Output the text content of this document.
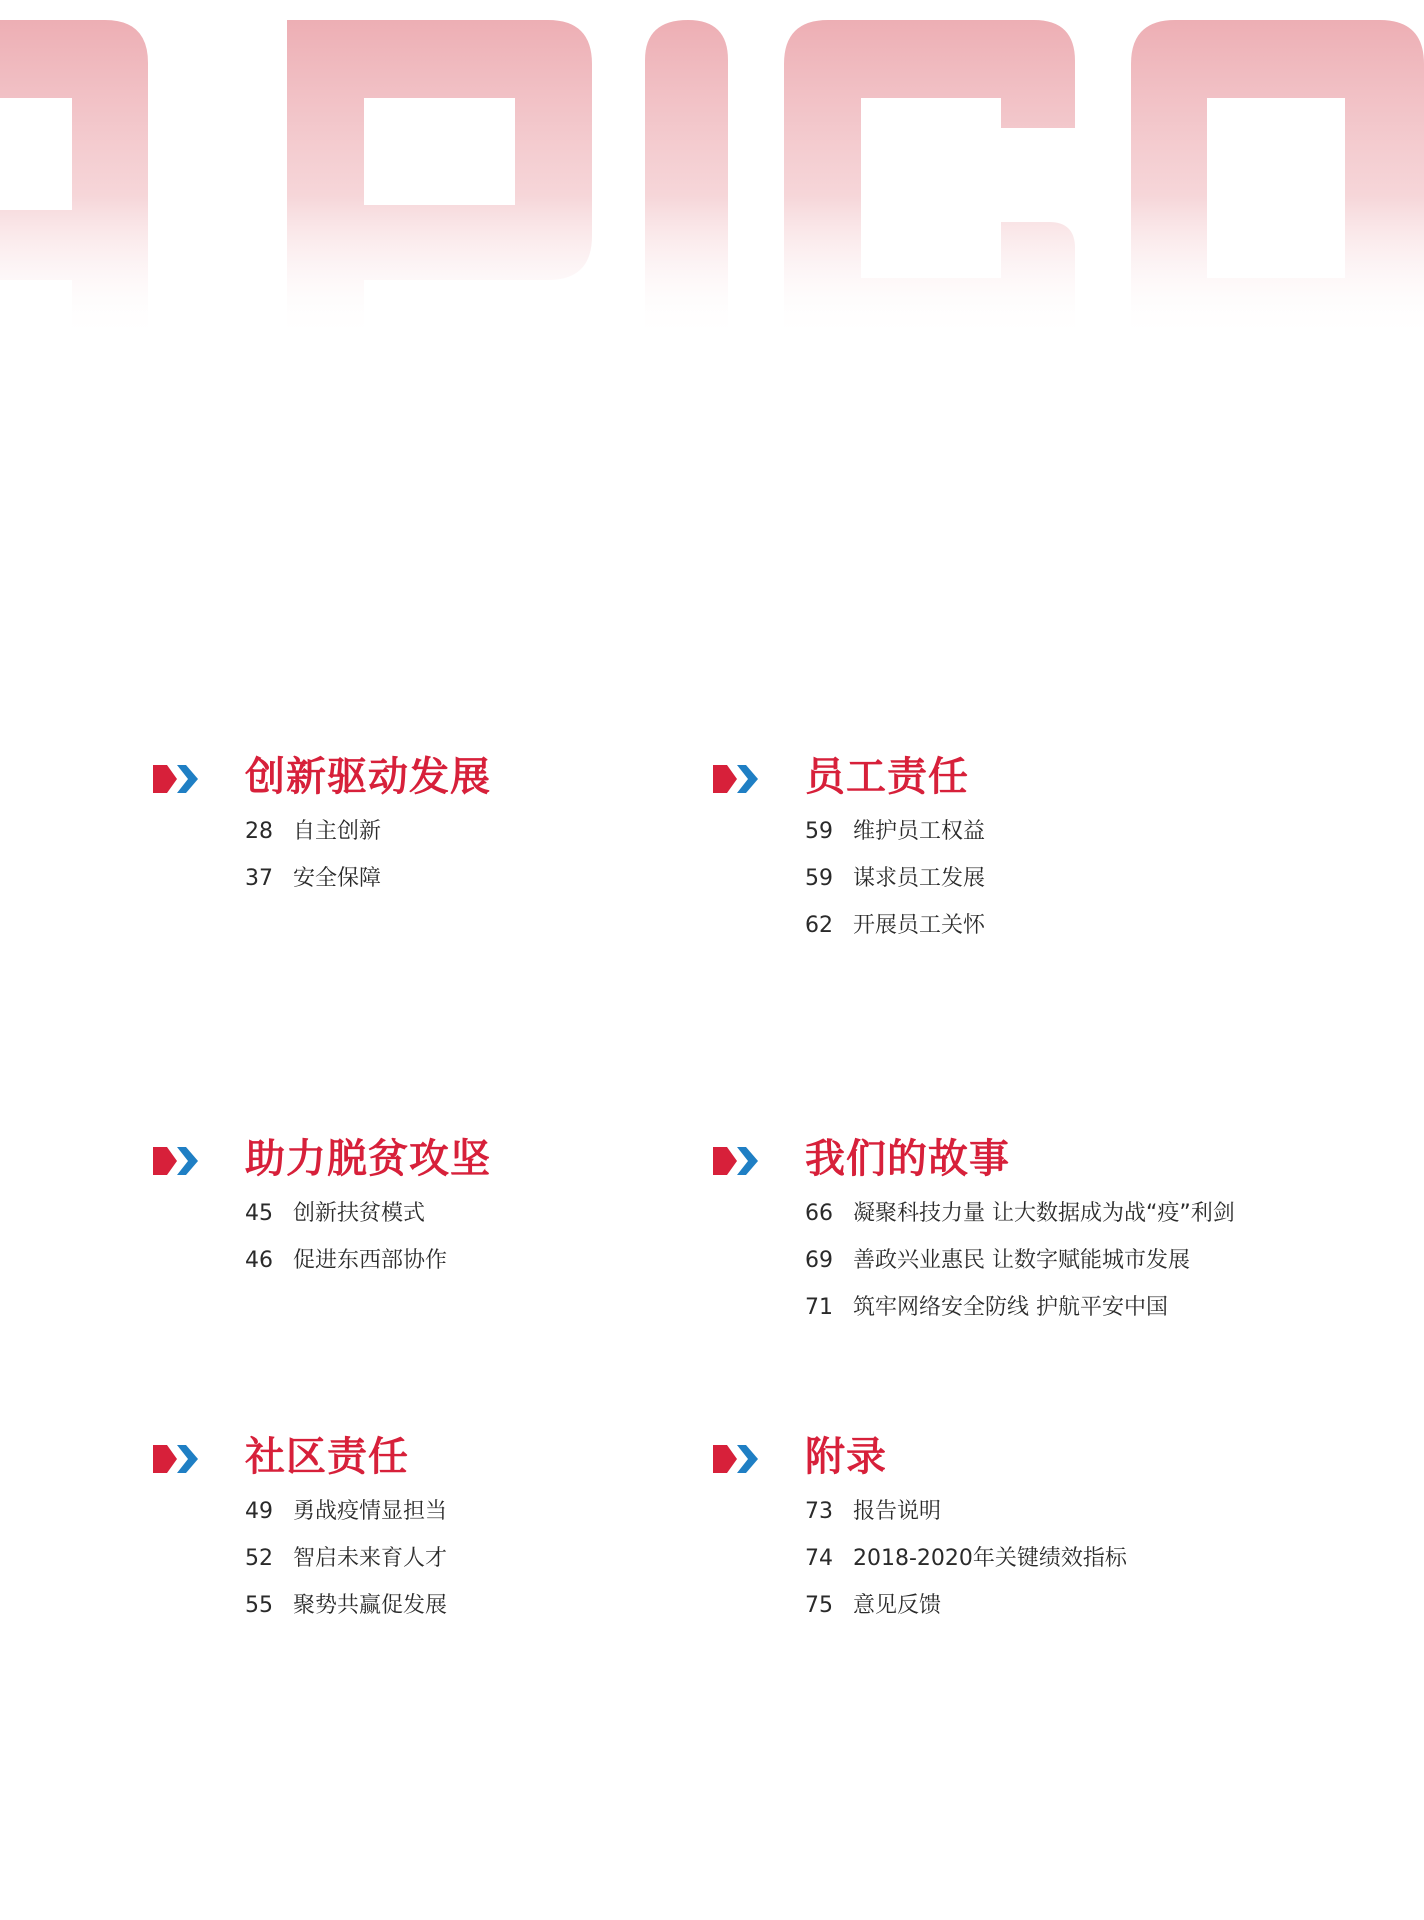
创新驱动发展
28 自主创新
37 安全保障
员工责任
59 维护员工权益
59 谋求员工发展
62 开展员工关怀
助力脱贫攻坚
45 创新扶贫模式
46 促进东西部协作
我们的故事
66 凝聚科技力量 让大数据成为战“疫”利剑
69 善政兴业惠民 让数字赋能城市发展
71 筑牢网络安全防线 护航平安中国
社区责任
49 勇战疫情显担当
52 智启未来育人才
55 聚势共赢促发展
附录
73 报告说明
74 2018-2020年关键绩效指标
75 意见反馈
